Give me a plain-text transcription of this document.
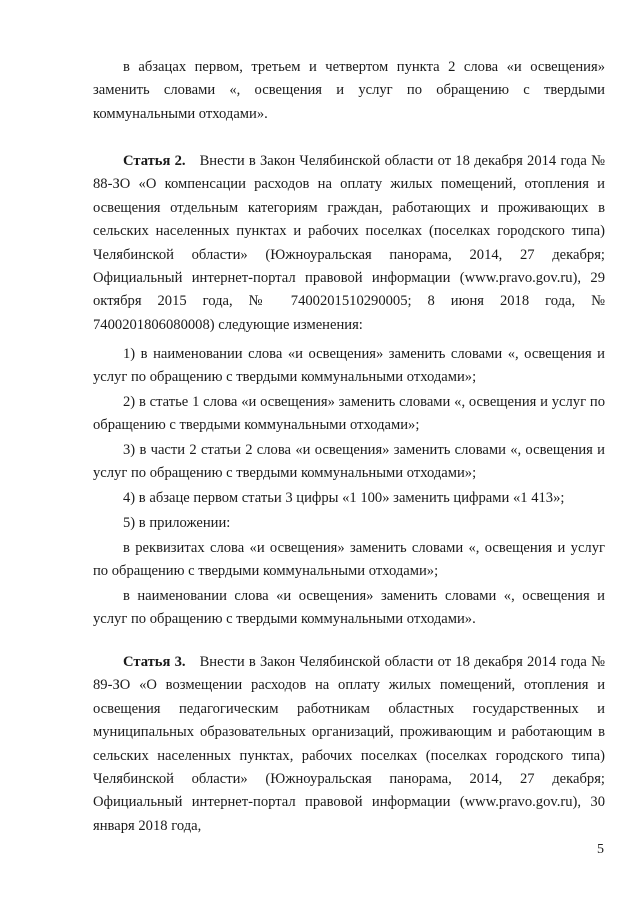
в абзацах первом, третьем и четвертом пункта 2 слова «и освещения» заменить словами «, освещения и услуг по обращению с твердыми коммунальными отходами».

Статья 2. Внести в Закон Челябинской области от 18 декабря 2014 года № 88-ЗО «О компенсации расходов на оплату жилых помещений, отопления и освещения отдельным категориям граждан, работающих и проживающих в сельских населенных пунктах и рабочих поселках (поселках городского типа) Челябинской области» (Южноуральская панорама, 2014, 27 декабря; Официальный интернет-портал правовой информации (www.pravo.gov.ru), 29 октября 2015 года, № 7400201510290005; 8 июня 2018 года, № 7400201806080008) следующие изменения:

1) в наименовании слова «и освещения» заменить словами «, освещения и услуг по обращению с твердыми коммунальными отходами»;

2) в статье 1 слова «и освещения» заменить словами «, освещения и услуг по обращению с твердыми коммунальными отходами»;

3) в части 2 статьи 2 слова «и освещения» заменить словами «, освещения и услуг по обращению с твердыми коммунальными отходами»;

4) в абзаце первом статьи 3 цифры «1 100» заменить цифрами «1 413»;

5) в приложении:

в реквизитах слова «и освещения» заменить словами «, освещения и услуг по обращению с твердыми коммунальными отходами»;

в наименовании слова «и освещения» заменить словами «, освещения и услуг по обращению с твердыми коммунальными отходами».

Статья 3. Внести в Закон Челябинской области от 18 декабря 2014 года № 89-ЗО «О возмещении расходов на оплату жилых помещений, отопления и освещения педагогическим работникам областных государственных и муниципальных образовательных организаций, проживающим и работающим в сельских населенных пунктах, рабочих поселках (поселках городского типа) Челябинской области» (Южноуральская панорама, 2014, 27 декабря; Официальный интернет-портал правовой информации (www.pravo.gov.ru), 30 января 2018 года,

5
